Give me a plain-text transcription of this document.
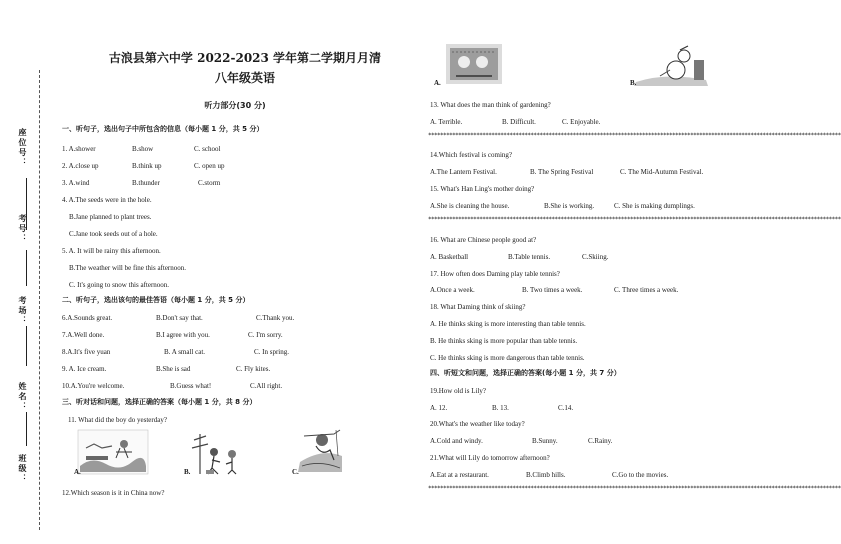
座位号：
考号：
考场：
姓名：
班级：
古浪县第六中学 2022-2023 学年第二学期月月清
八年级英语
听力部分(30 分)
一、听句子，选出句子中所包含的信息（每小题 1 分，共 5 分）
1. A.shower	B.show	C. school
2. A.close up	B.think up	C. open up
3. A.wind	B.thunder	C.storm
4. A.The seeds were in the hole.
B.Jane planned to plant trees.
C.Jane took seeds out of a hole.
5. A. It will be rainy this afternoon.
B.The weather will be fine this afternoon.
C. It's going to snow this afternoon.
二、听句子，选出该句的最佳答语（每小题 1 分，共 5 分）
6.A.Sounds great.	B.Don't say that.	C.Thank you.
7.A.Well done.	B.I agree with you.	C. I'm sorry.
8.A.It's five yuan	B. A small cat.	C. In spring.
9. A. Ice cream.	B.She is sad	C. Fly kites.
10.A.You're welcome.	B.Guess what!	C.All right.
三、听对话和问题，选择正确的答案（每小题 1 分，共 8 分）
11. What did the boy do yesterday?
A.	B.	C.
12.Which season is it in China now?
A.	B.
13. What does the man think of gardening?
A. Terrible.	B. Difficult.	C. Enjoyable.
*****************************************************************************************************************************************
14.Which festival is coming?
A.The Lantern Festival.	B. The Spring Festival	C. The Mid-Autumn Festival.
15. What's Han Ling's mother doing?
A.She is cleaning the house.	B.She is working.	C. She is making dumplings.
*****************************************************************************************************************************************
16. What are Chinese people good at?
A. Basketball	B.Table tennis.	C.Skiing.
17. How often does Daming play table tennis?
A.Once a week.	B. Two times a week.	C. Three times a week.
18. What Daming think of skiing?
A. He thinks sking is more interesting than table tennis.
B. He thinks sking is more popular than table tennis.
C. He thinks sking is more dangerous than table tennis.
四、听短文和问题，选择正确的答案(每小题 1 分，共 7 分）
19.How old is Lily?
A. 12.	B. 13.	C.14.
20.What's the weather like today?
A.Cold and windy.	B.Sunny.	C.Rainy.
21.What will Lily do tomorrow afternoon?
A.Eat at a restaurant.	B.Climb hills.	C.Go to the movies.
*****************************************************************************************************************************************
